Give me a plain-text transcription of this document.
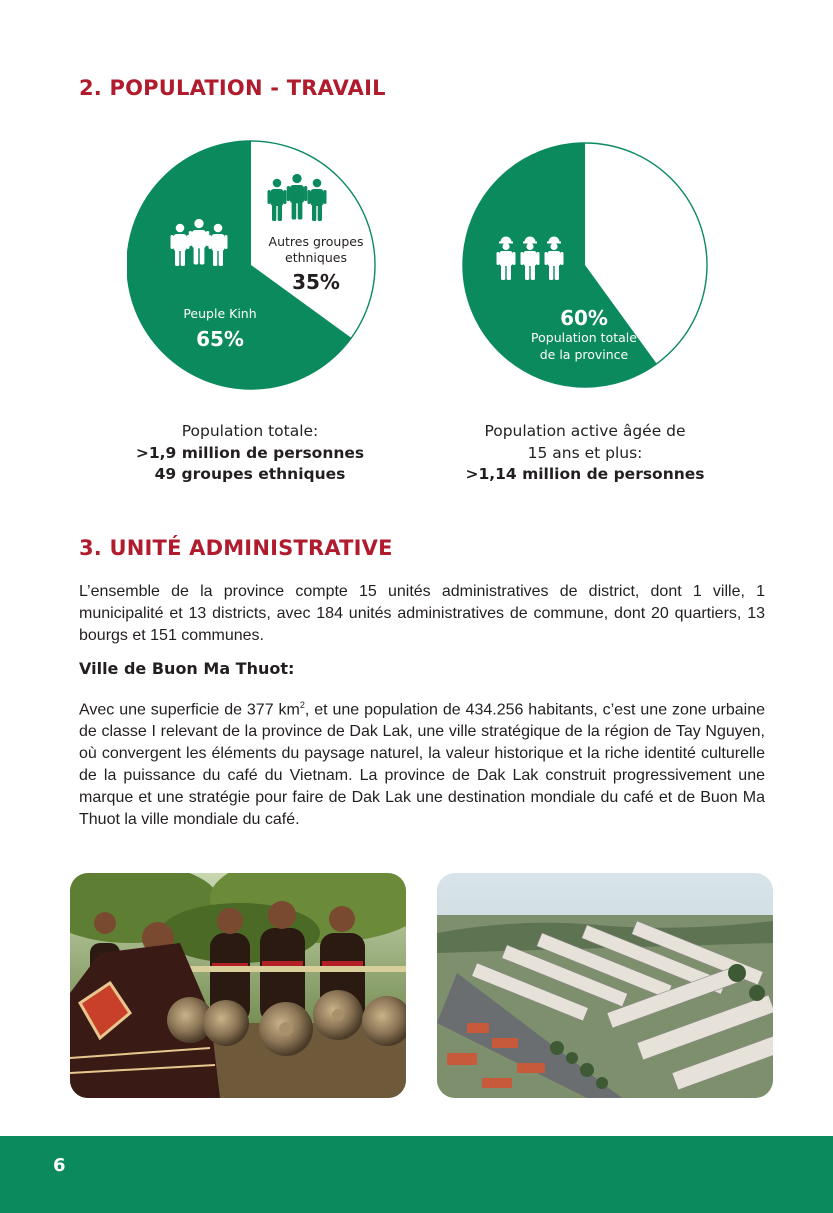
2. POPULATION - TRAVAIL
Autres groupes
ethniques
35%
Peuple Kinh
65%
60%
Population totale
de la province
Population totale:
>1,9 million de personnes
49 groupes ethniques
Population active âgée de
15 ans et plus:
>1,14 million de personnes
3. UNITÉ ADMINISTRATIVE

L’ensemble de la province compte 15 unités administratives de district, dont 1 ville, 1 municipalité et 13 districts, avec 184 unités administratives de commune, dont 20 quartiers, 13 bourgs et 151 communes.

Ville de Buon Ma Thuot:

Avec une superficie de 377 $km^2$, et une population de 434.256 habitants, c’est une zone urbaine de classe I relevant de la province de Dak Lak, une ville stratégique de la région de Tay Nguyen, où convergent les éléments du paysage naturel, la valeur historique et la riche identité culturelle de la puissance du café du Vietnam. La province de Dak Lak construit progressivement une marque et une stratégie pour faire de Dak Lak une destination mondiale du café et de Buon Ma Thuot la ville mondiale du café.

6
